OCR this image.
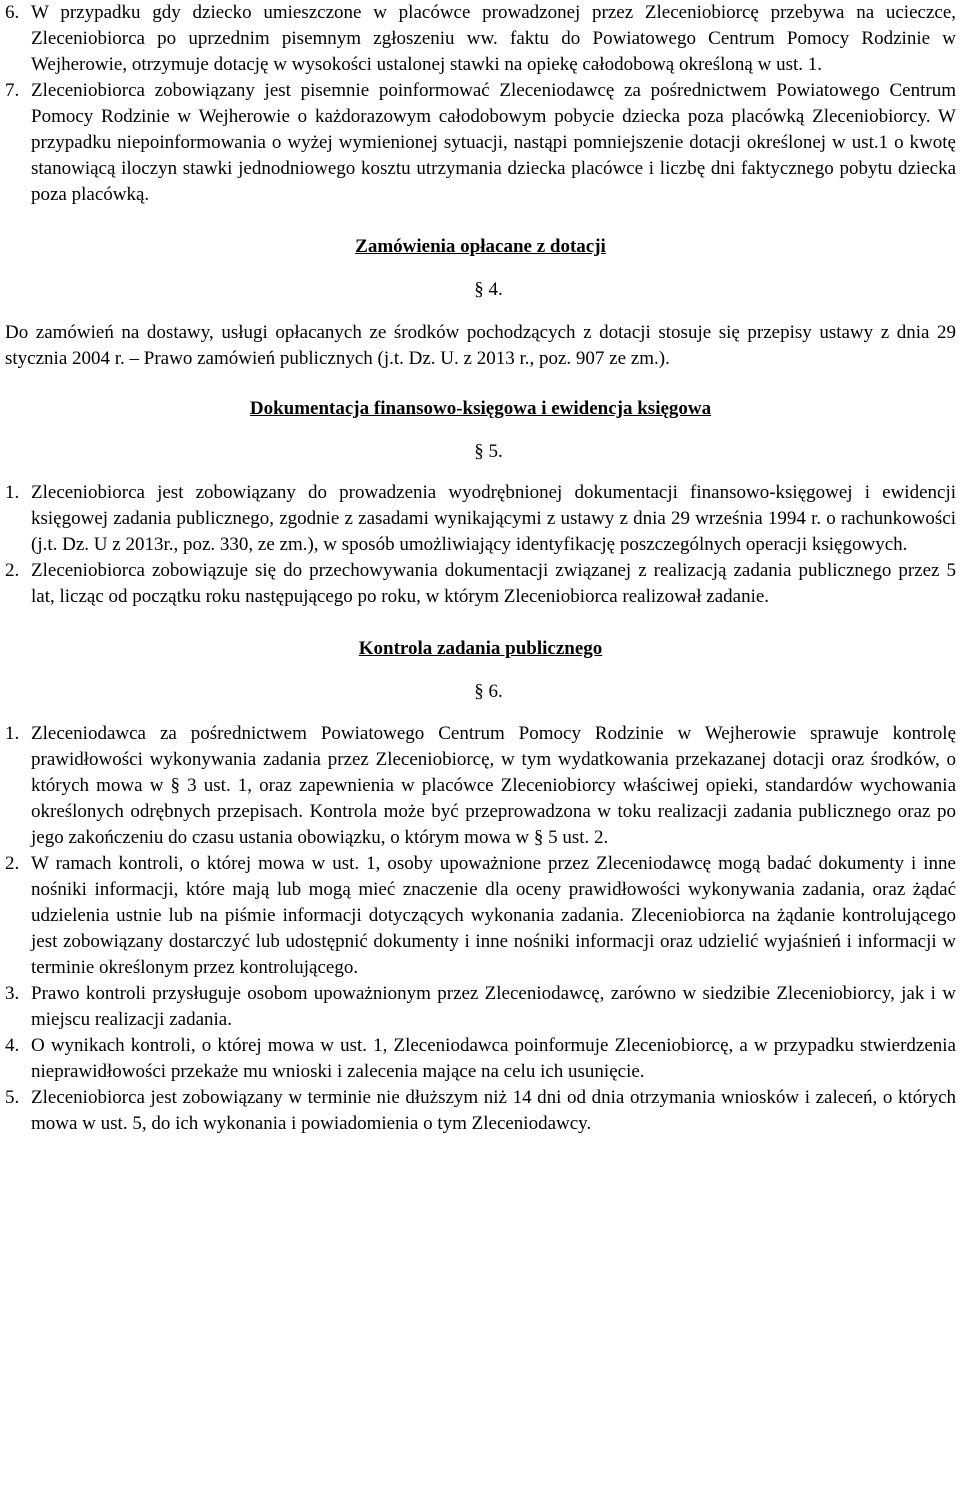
6. W przypadku gdy dziecko umieszczone w placówce prowadzonej przez Zleceniobiorcę przebywa na ucieczce, Zleceniobiorca po uprzednim pisemnym zgłoszeniu ww. faktu do Powiatowego Centrum Pomocy Rodzinie w Wejherowie, otrzymuje dotację w wysokości ustalonej stawki na opiekę całodobową określoną w ust. 1.
7. Zleceniobiorca zobowiązany jest pisemnie poinformować Zleceniodawcę za pośrednictwem Powiatowego Centrum Pomocy Rodzinie w Wejherowie o każdorazowym całodobowym pobycie dziecka poza placówką Zleceniobiorcy. W przypadku niepoinformowania o wyżej wymienionej sytuacji, nastąpi pomniejszenie dotacji określonej w ust.1 o kwotę stanowiącą iloczyn stawki jednodniowego kosztu utrzymania dziecka placówce i liczbę dni faktycznego pobytu dziecka poza placówką.
Zamówienia opłacane z dotacji
§ 4.
Do zamówień na dostawy, usługi opłacanych ze środków pochodzących z dotacji stosuje się przepisy ustawy z dnia 29 stycznia 2004 r. – Prawo zamówień publicznych (j.t. Dz. U. z 2013 r., poz. 907 ze zm.).
Dokumentacja finansowo-księgowa i ewidencja księgowa
§ 5.
1. Zleceniobiorca jest zobowiązany do prowadzenia wyodrębnionej dokumentacji finansowo-księgowej i ewidencji księgowej zadania publicznego, zgodnie z zasadami wynikającymi z ustawy z dnia 29 września 1994 r. o rachunkowości (j.t. Dz. U z 2013r., poz. 330, ze zm.), w sposób umożliwiający identyfikację poszczególnych operacji księgowych.
2. Zleceniobiorca zobowiązuje się do przechowywania dokumentacji związanej z realizacją zadania publicznego przez 5 lat, licząc od początku roku następującego po roku, w którym Zleceniobiorca realizował zadanie.
Kontrola zadania publicznego
§ 6.
1. Zleceniodawca za pośrednictwem Powiatowego Centrum Pomocy Rodzinie w Wejherowie sprawuje kontrolę prawidłowości wykonywania zadania przez Zleceniobiorcę, w tym wydatkowania przekazanej dotacji oraz środków, o których mowa w § 3 ust. 1, oraz zapewnienia w placówce Zleceniobiorcy właściwej opieki, standardów wychowania określonych odrębnych przepisach. Kontrola może być przeprowadzona w toku realizacji zadania publicznego oraz po jego zakończeniu do czasu ustania obowiązku, o którym mowa w § 5 ust. 2.
2. W ramach kontroli, o której mowa w ust. 1, osoby upoważnione przez Zleceniodawcę mogą badać dokumenty i inne nośniki informacji, które mają lub mogą mieć znaczenie dla oceny prawidłowości wykonywania zadania, oraz żądać udzielenia ustnie lub na piśmie informacji dotyczących wykonania zadania. Zleceniobiorca na żądanie kontrolującego jest zobowiązany dostarczyć lub udostępnić dokumenty i inne nośniki informacji oraz udzielić wyjaśnień i informacji w terminie określonym przez kontrolującego.
3. Prawo kontroli przysługuje osobom upoważnionym przez Zleceniodawcę, zarówno w siedzibie Zleceniobiorcy, jak i w miejscu realizacji zadania.
4. O wynikach kontroli, o której mowa w ust. 1, Zleceniodawca poinformuje Zleceniobiorcę, a w przypadku stwierdzenia nieprawidłowości przekaże mu wnioski i zalecenia mające na celu ich usunięcie.
5. Zleceniobiorca jest zobowiązany w terminie nie dłuższym niż 14 dni od dnia otrzymania wniosków i zaleceń, o których mowa w ust. 5, do ich wykonania i powiadomienia o tym Zleceniodawcy.
